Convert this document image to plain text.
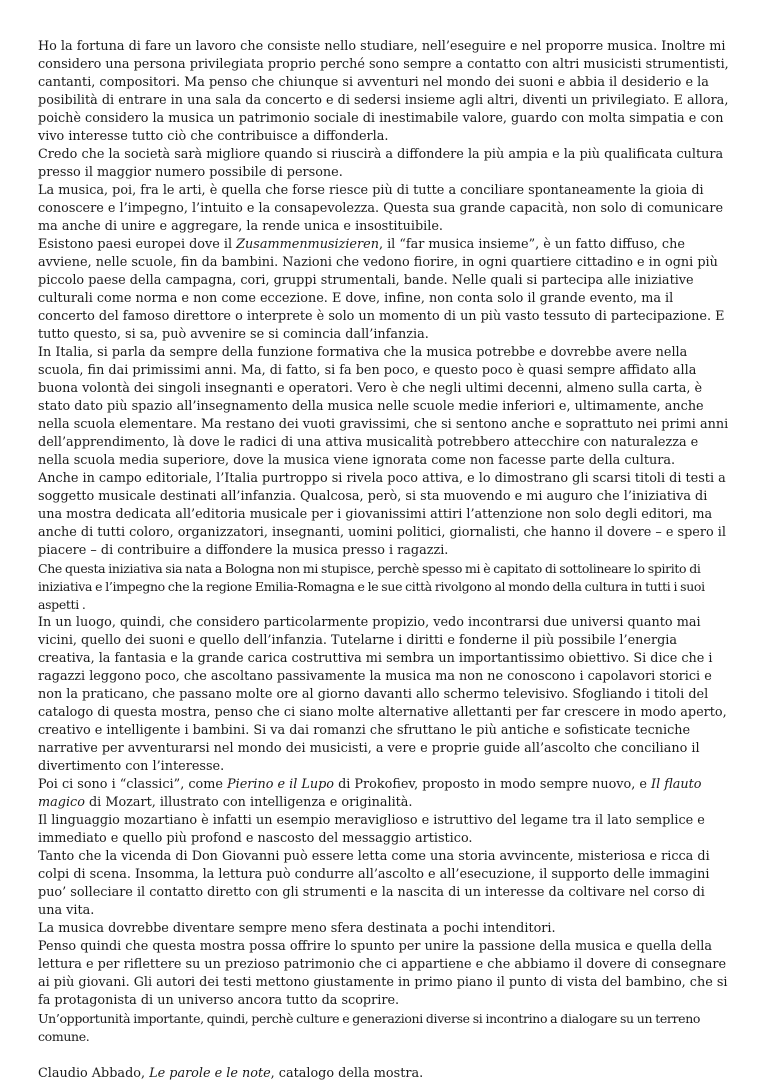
Ho la fortuna di fare un lavoro che consiste nello studiare, nell’eseguire e nel proporre musica. Inoltre mi considero una persona privilegiata proprio perché sono sempre a contatto con altri musicisti strumentisti, cantanti, compositori. Ma penso che chiunque si avventuri nel mondo dei suoni e abbia il desiderio e la posibilità di entrare in una sala da concerto e di sedersi insieme agli altri, diventi un privilegiato. E allora, poichè considero la musica un patrimonio sociale di inestimabile valore, guardo con molta simpatia e con vivo interesse tutto ciò che contribuisce a diffonderla.

Credo che la società sarà migliore quando si riuscirà a diffondere la più ampia e la più qualificata cultura presso il maggior numero possibile di persone.

La musica, poi, fra le arti, è quella che forse riesce più di tutte a conciliare spontaneamente la gioia di conoscere e l’impegno, l’intuito e la consapevolezza. Questa sua grande capacità, non solo di comunicare ma anche di unire e aggregare, la rende unica e insostituibile.

Esistono paesi europei dove il Zusammenmusizieren, il “far musica insieme”, è un fatto diffuso, che avviene, nelle scuole, fin da bambini. Nazioni che vedono fiorire, in ogni quartiere cittadino e in ogni più piccolo paese della campagna, cori, gruppi strumentali, bande. Nelle quali si partecipa alle iniziative culturali come norma e non come eccezione. E dove, infine, non conta solo il grande evento, ma il concerto del famoso direttore o interprete è solo un momento di un più vasto tessuto di partecipazione. E tutto questo, si sa, può avvenire se si comincia dall’infanzia.

In Italia, si parla da sempre della funzione formativa che la musica potrebbe e dovrebbe avere nella scuola, fin dai primissimi anni. Ma, di fatto, si fa ben poco, e questo poco è quasi sempre affidato alla buona volontà dei singoli insegnanti e operatori. Vero è che negli ultimi decenni, almeno sulla carta, è stato dato più spazio all’insegnamento della musica nelle scuole medie inferiori e, ultimamente, anche nella scuola elementare. Ma restano dei vuoti gravissimi, che si sentono anche e soprattuto nei primi anni dell’apprendimento, là dove le radici di una attiva musicalità potrebbero attecchire con naturalezza e nella scuola media superiore, dove la musica viene ignorata come non facesse parte della cultura.

Anche in campo editoriale, l’Italia purtroppo si rivela poco attiva, e lo dimostrano gli scarsi titoli di testi a soggetto musicale destinati all’infanzia. Qualcosa, però, si sta muovendo e mi auguro che l’iniziativa di una mostra dedicata all’editoria musicale per i giovanissimi attiri l’attenzione non solo degli editori, ma anche di tutti coloro, organizzatori, insegnanti, uomini politici, giornalisti, che hanno il dovere – e spero il piacere – di contribuire a diffondere la musica presso i ragazzi.

Che questa iniziativa sia nata a Bologna non mi stupisce, perchè spesso mi è capitato di sottolineare lo spirito di iniziativa e l’impegno che la regione Emilia-Romagna e le sue città rivolgono al mondo della cultura in tutti i suoi aspetti .

In un luogo, quindi, che considero particolarmente propizio, vedo incontrarsi due universi quanto mai vicini, quello dei suoni e quello dell’infanzia. Tutelarne i diritti e fonderne il più possibile l’energia creativa, la fantasia e la grande carica costruttiva mi sembra un importantissimo obiettivo. Si dice che i ragazzi leggono poco, che ascoltano passivamente la musica ma non ne conoscono i capolavori storici e non la praticano, che passano molte ore al giorno davanti allo schermo televisivo. Sfogliando i titoli del catalogo di questa mostra, penso che ci siano molte alternative allettanti per far crescere in modo aperto, creativo e intelligente i bambini. Si va dai romanzi che sfruttano le più antiche e sofisticate tecniche narrative per avventurarsi nel mondo dei musicisti, a vere e proprie guide all’ascolto che conciliano il divertimento con l’interesse.

Poi ci sono i “classici”, come Pierino e il Lupo di Prokofiev, proposto in modo sempre nuovo, e Il flauto magico di Mozart, illustrato con intelligenza e originalità.

Il linguaggio mozartiano è infatti un esempio meraviglioso e istruttivo del legame tra il lato semplice e immediato e quello più profond e nascosto del messaggio artistico.

Tanto che la vicenda di Don Giovanni può essere letta come una storia avvincente, misteriosa e ricca di colpi di scena. Insomma, la lettura può condurre all’ascolto e all’esecuzione, il supporto delle immagini puo’ solleciare il contatto diretto con gli strumenti e la nascita di un interesse da coltivare nel corso di una vita.

La musica dovrebbe diventare sempre meno sfera destinata a pochi intenditori.

Penso quindi che questa mostra possa offrire lo spunto per unire la passione della musica e quella della lettura e per riflettere su un prezioso patrimonio che ci appartiene e che abbiamo il dovere di consegnare ai più giovani. Gli autori dei testi mettono giustamente in primo piano il punto di vista del bambino, che si fa protagonista di un universo ancora tutto da scoprire.

Un’opportunità importante, quindi, perchè culture e generazioni diverse si incontrino a dialogare su un terreno comune.

Claudio Abbado, Le parole e le note, catalogo della mostra.
